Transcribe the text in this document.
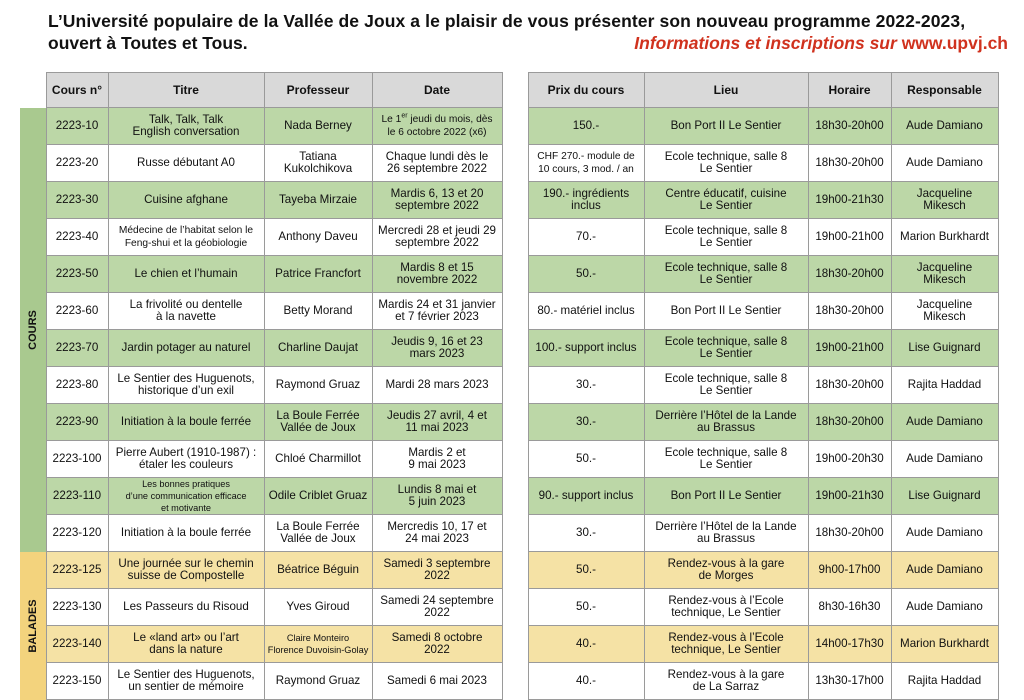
L’Université populaire de la Vallée de Joux a le plaisir de vous présenter son nouveau programme 2022-2023,
ouvert à Toutes et Tous.	Informations et inscriptions sur www.upvj.ch
	Cours n°	Titre	Professeur	Date		Prix du cours	Lieu	Horaire	Responsable

COURS	2223-10	Talk, Talk, Talk
English conversation	Nada Berney	Le 1er jeudi du mois, dès
le 6 octobre 2022 (x6)		150.-	Bon Port II Le Sentier	18h30-20h00	Aude Damiano
	2223-20	Russe débutant A0	Tatiana
Kukolchikova	Chaque lundi dès le
26 septembre 2022		CHF 270.- module de
10 cours, 3 mod. / an	Ecole technique, salle 8
Le Sentier	18h30-20h00	Aude Damiano
	2223-30	Cuisine afghane	Tayeba Mirzaie	Mardis 6, 13 et 20
septembre 2022		190.- ingrédients
inclus	Centre éducatif, cuisine
Le Sentier	19h00-21h30	Jacqueline
Mikesch
	2223-40	Médecine de l’habitat selon le
Feng-shui et la géobiologie	Anthony Daveu	Mercredi 28 et jeudi 29
septembre 2022		70.-	Ecole technique, salle 8
Le Sentier	19h00-21h00	Marion Burkhardt
	2223-50	Le chien et l’humain	Patrice Francfort	Mardis 8 et 15
novembre 2022		50.-	Ecole technique, salle 8
Le Sentier	18h30-20h00	Jacqueline
Mikesch
	2223-60	La frivolité ou dentelle
à la navette	Betty Morand	Mardis 24 et 31 janvier
et 7 février 2023		80.- matériel inclus	Bon Port II Le Sentier	18h30-20h00	Jacqueline
Mikesch
	2223-70	Jardin potager au naturel	Charline Daujat	Jeudis 9, 16 et 23
mars 2023		100.- support inclus	Ecole technique, salle 8
Le Sentier	19h00-21h00	Lise Guignard
	2223-80	Le Sentier des Huguenots,
historique d’un exil	Raymond Gruaz	Mardi 28 mars 2023		30.-	Ecole technique, salle 8
Le Sentier	18h30-20h00	Rajita Haddad
	2223-90	Initiation à la boule ferrée	La Boule Ferrée
Vallée de Joux	Jeudis 27 avril, 4 et
11 mai 2023		30.-	Derrière l’Hôtel de la Lande
au Brassus	18h30-20h00	Aude Damiano
	2223-100	Pierre Aubert (1910-1987) :
étaler les couleurs	Chloé Charmillot	Mardis 2 et
9 mai 2023		50.-	Ecole technique, salle 8
Le Sentier	19h00-20h30	Aude Damiano
	2223-110	Les bonnes pratiques
d’une communication efficace
et motivante	Odile Criblet Gruaz	Lundis 8 mai et
5 juin 2023		90.- support inclus	Bon Port II Le Sentier	19h00-21h30	Lise Guignard
	2223-120	Initiation à la boule ferrée	La Boule Ferrée
Vallée de Joux	Mercredis 10, 17 et
24 mai 2023		30.-	Derrière l’Hôtel de la Lande
au Brassus	18h30-20h00	Aude Damiano

BALADES	2223-125	Une journée sur le chemin
suisse de Compostelle	Béatrice Béguin	Samedi 3 septembre
2022		50.-	Rendez-vous à la gare
de Morges	9h00-17h00	Aude Damiano
	2223-130	Les Passeurs du Risoud	Yves Giroud	Samedi 24 septembre
2022		50.-	Rendez-vous à l’Ecole
technique, Le Sentier	8h30-16h30	Aude Damiano
	2223-140	Le «land art» ou l’art
dans la nature	Claire Monteiro
Florence Duvoisin-Golay	Samedi 8 octobre
2022		40.-	Rendez-vous à l’Ecole
technique, Le Sentier	14h00-17h30	Marion Burkhardt
	2223-150	Le Sentier des Huguenots,
un sentier de mémoire	Raymond Gruaz	Samedi 6 mai 2023		40.-	Rendez-vous à la gare
de La Sarraz	13h30-17h00	Rajita Haddad
